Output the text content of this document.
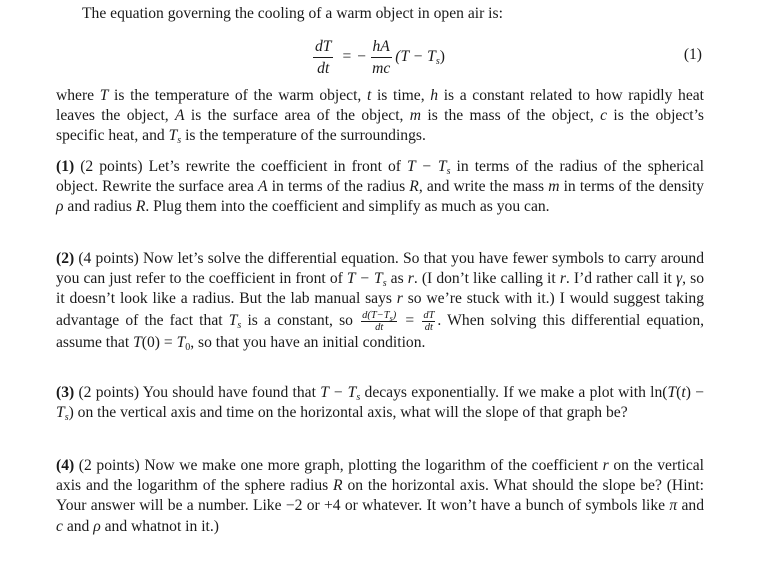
The equation governing the cooling of a warm object in open air is:
$\frac{dT}{dt}$ = − $\frac{hA}{mc} (T - T_s)$	(1)
where T is the temperature of the warm object, t is time, h is a constant related to how rapidly heat leaves the object, A is the surface area of the object, m is the mass of the object, c is the object’s specific heat, and $T_s$ is the temperature of the surroundings.
(1) (2 points) Let’s rewrite the coefficient in front of $T - T_s$ in terms of the radius of the spherical object. Rewrite the surface area A in terms of the radius R, and write the mass m in terms of the density ρ and radius R. Plug them into the coefficient and simplify as much as you can.
(2) (4 points) Now let’s solve the differential equation. So that you have fewer symbols to carry around you can just refer to the coefficient in front of $T - T_s$ as r. (I don’t like calling it r. I’d rather call it γ, so it doesn’t look like a radius. But the lab manual says r so we’re stuck with it.) I would suggest taking advantage of the fact that $T_s$ is a constant, so $\frac{d(T-T_s)}{dt} = \frac{dT}{dt}$ . When solving this differential equation, assume that $T(0) = T_0$, so that you have an initial condition.
(3) (2 points) You should have found that $T - T_s$ decays exponentially. If we make a plot with $\ln(T(t) - T_s)$ on the vertical axis and time on the horizontal axis, what will the slope of that graph be?
(4) (2 points) Now we make one more graph, plotting the logarithm of the coefficient r on the vertical axis and the logarithm of the sphere radius R on the horizontal axis. What should the slope be? (Hint: Your answer will be a number. Like −2 or +4 or whatever. It won’t have a bunch of symbols like π and c and ρ and whatnot in it.)
